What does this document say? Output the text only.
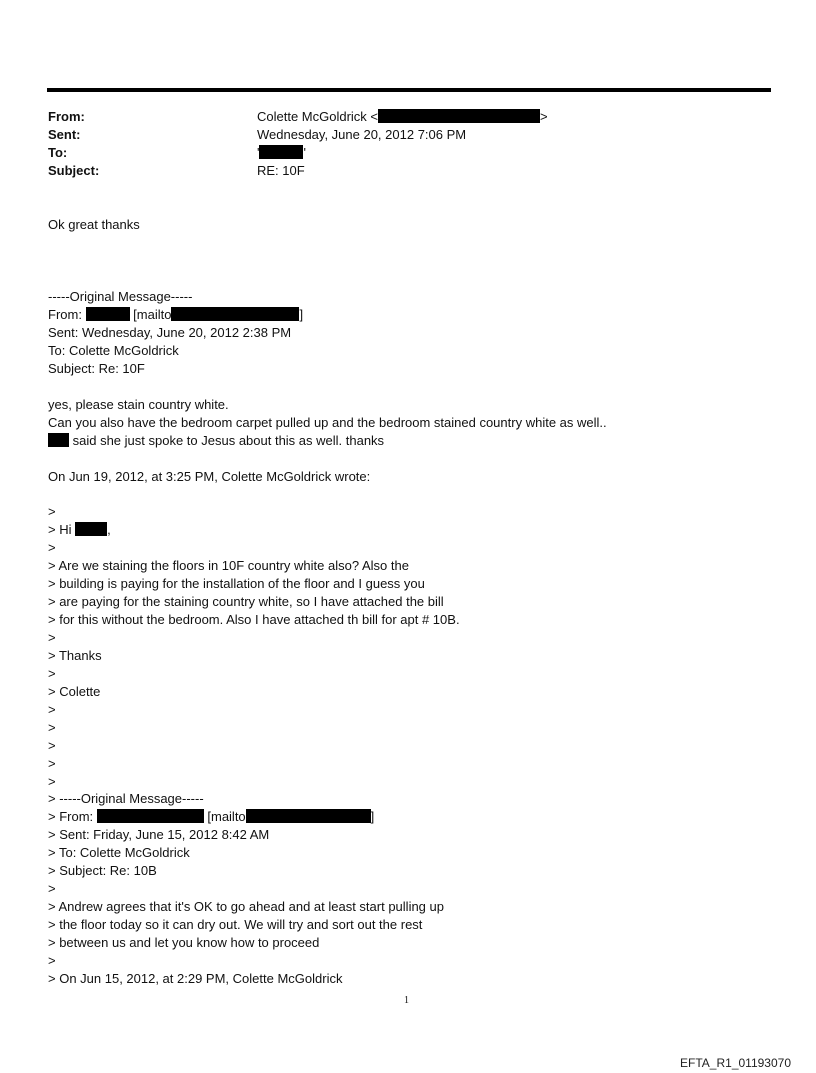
From:	Colette McGoldrick <	>
Sent:	Wednesday, June 20, 2012 7:06 PM
To:	'	'
Subject:	RE: 10F
Ok great thanks
-----Original Message-----
From:	[mailto	]
Sent: Wednesday, June 20, 2012 2:38 PM
To: Colette McGoldrick
Subject: Re: 10F
yes, please stain country white.
Can you also have the bedroom carpet pulled up and the bedroom stained country white as well..
said she just spoke to Jesus about this as well. thanks
On Jun 19, 2012, at 3:25 PM, Colette McGoldrick wrote:
>
> Hi ,
>
> Are we staining the floors in 10F country white also? Also the
> building is paying for the installation of the floor and I guess you
> are paying for the staining country white, so I have attached the bill
> for this without the bedroom. Also I have attached th bill for apt # 10B.
>
> Thanks
>
> Colette
>
>
>
>
>
> -----Original Message-----
> From:	[mailto	]
> Sent: Friday, June 15, 2012 8:42 AM
> To: Colette McGoldrick
> Subject: Re: 10B
>
> Andrew agrees that it's OK to go ahead and at least start pulling up
> the floor today so it can dry out. We will try and sort out the rest
> between us and let you know how to proceed
>
> On Jun 15, 2012, at 2:29 PM, Colette McGoldrick
1
EFTA_R1_01193070
